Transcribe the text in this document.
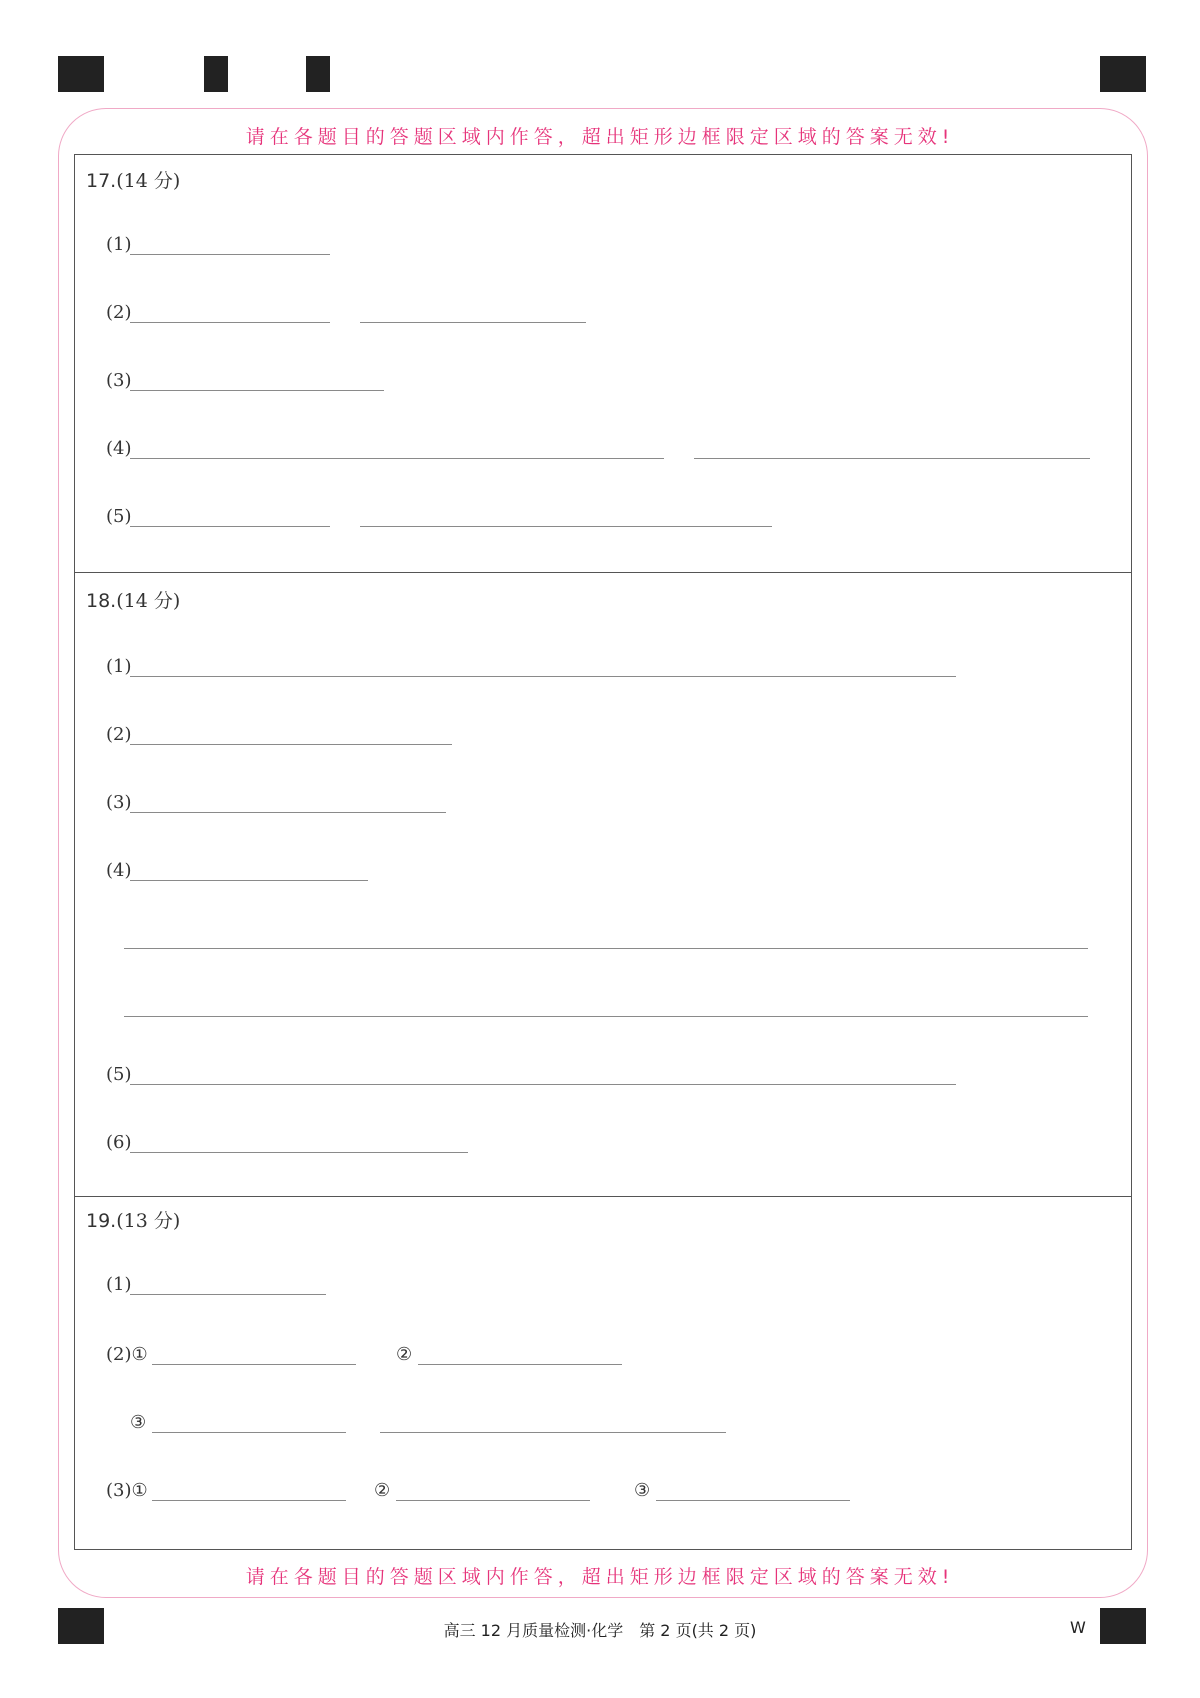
请在各题目的答题区域内作答，超出矩形边框限定区域的答案无效!
请在各题目的答题区域内作答，超出矩形边框限定区域的答案无效!
17.(14 分)
(1)
(2)
(3)
(4)
(5)
18.(14 分)
(1)
(2)
(3)
(4)
(5)
(6)
19.(13 分)
(1)
(2)①	②
③
(3)①	②	③
高三 12 月质量检测·化学　第 2 页(共 2 页)	W
